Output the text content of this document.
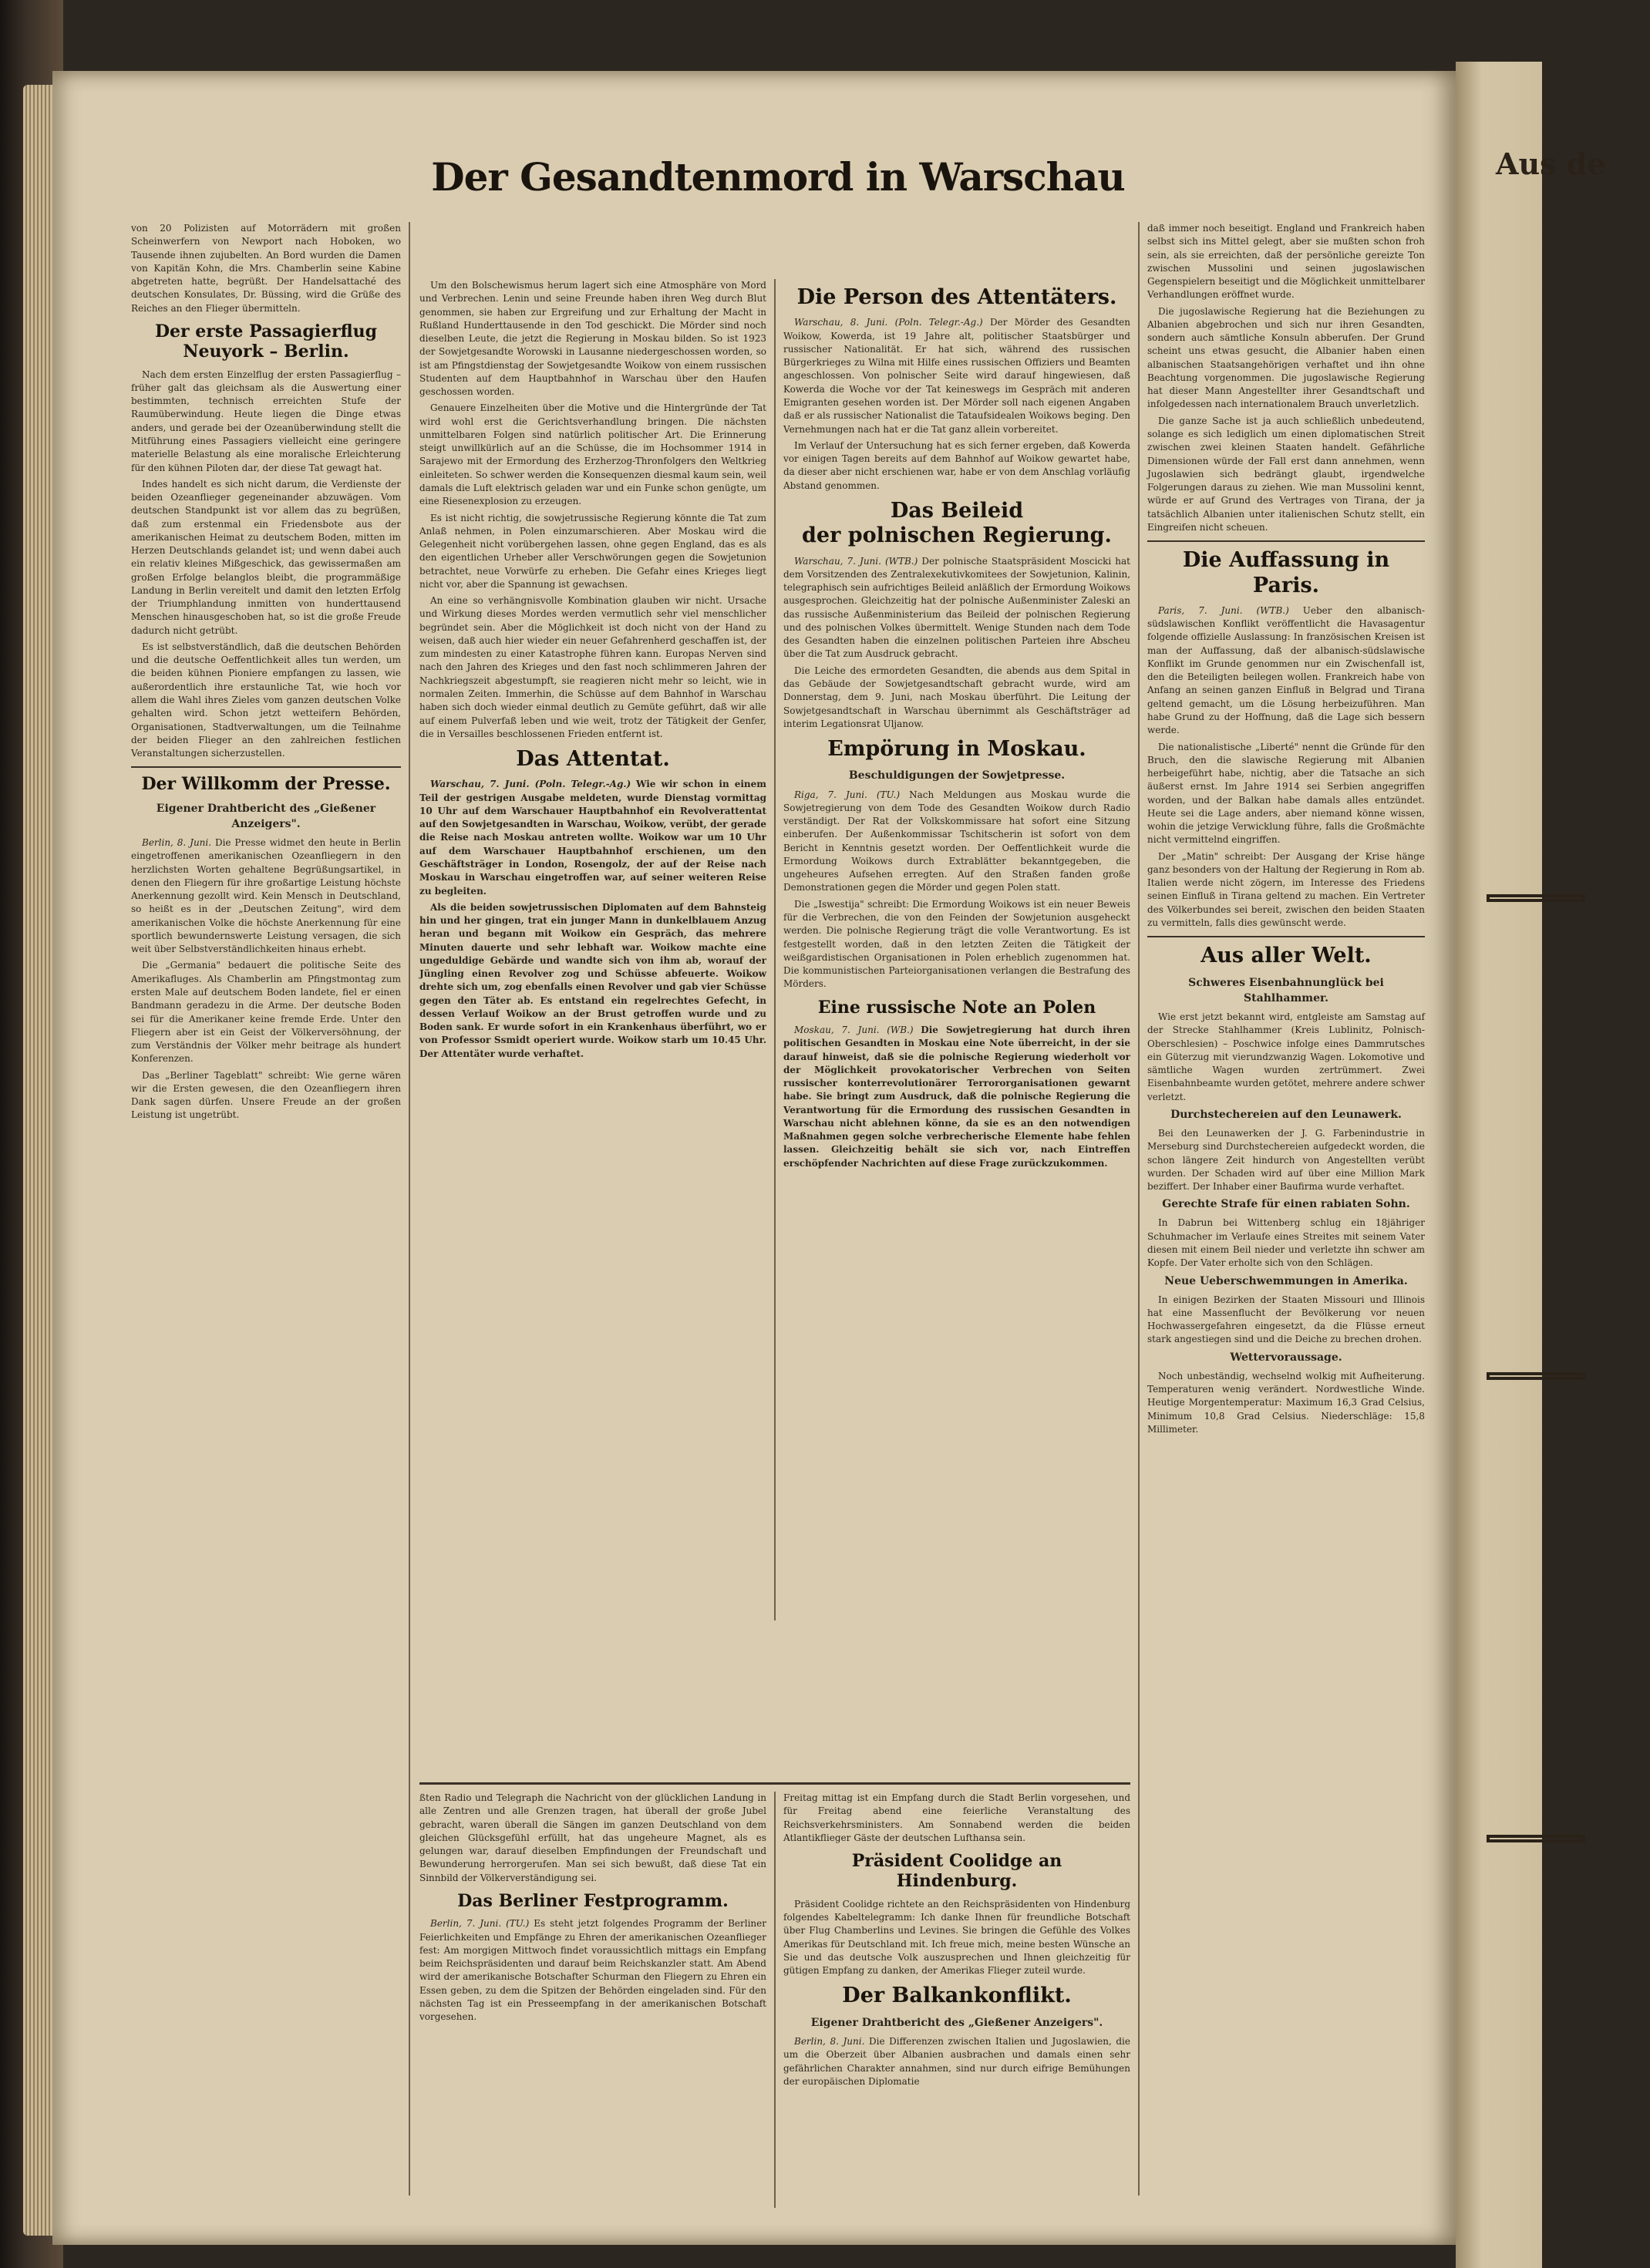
Aus de

von 20 Polizisten auf Motorrädern mit großen Scheinwerfern von Newport nach Hoboken, wo Tausende ihnen zujubelten. An Bord wurden die Damen von Kapitän Kohn, die Mrs. Chamberlin seine Kabine abgetreten hatte, begrüßt. Der Handelsattaché des deutschen Konsulates, Dr. Büssing, wird die Grüße des Reiches an den Flieger übermitteln.

Der erste Passagierflug
Neuyork – Berlin.

Nach dem ersten Einzelflug der ersten Passagierflug – früher galt das gleichsam als die Auswertung einer bestimmten, technisch erreichten Stufe der Raumüberwindung. Heute liegen die Dinge etwas anders, und gerade bei der Ozeanüberwindung stellt die Mitführung eines Passagiers vielleicht eine geringere materielle Belastung als eine moralische Erleichterung für den kühnen Piloten dar, der diese Tat gewagt hat.

Indes handelt es sich nicht darum, die Verdienste der beiden Ozeanflieger gegeneinander abzuwägen. Vom deutschen Standpunkt ist vor allem das zu begrüßen, daß zum erstenmal ein Friedensbote aus der amerikanischen Heimat zu deutschem Boden, mitten im Herzen Deutschlands gelandet ist; und wenn dabei auch ein relativ kleines Mißgeschick, das gewissermaßen am großen Erfolge belanglos bleibt, die programmäßige Landung in Berlin vereitelt und damit den letzten Erfolg der Triumphlandung inmitten von hunderttausend Menschen hinausgeschoben hat, so ist die große Freude dadurch nicht getrübt.

Es ist selbstverständlich, daß die deutschen Behörden und die deutsche Oeffentlichkeit alles tun werden, um die beiden kühnen Pioniere empfangen zu lassen, wie außerordentlich ihre erstaunliche Tat, wie hoch vor allem die Wahl ihres Zieles vom ganzen deutschen Volke gehalten wird. Schon jetzt wetteifern Behörden, Organisationen, Stadtverwaltungen, um die Teilnahme der beiden Flieger an den zahlreichen festlichen Veranstaltungen sicherzustellen.

Der Willkomm der Presse.
Eigener Drahtbericht des „Gießener Anzeigers".

Berlin, 8. Juni. Die Presse widmet den heute in Berlin eingetroffenen amerikanischen Ozeanfliegern in den herzlichsten Worten gehaltene Begrüßungsartikel, in denen den Fliegern für ihre großartige Leistung höchste Anerkennung gezollt wird. Kein Mensch in Deutschland, so heißt es in der „Deutschen Zeitung", wird dem amerikanischen Volke die höchste Anerkennung für eine sportlich bewundernswerte Leistung versagen, die sich weit über Selbstverständlichkeiten hinaus erhebt.

Die „Germania" bedauert die politische Seite des Amerikafluges. Als Chamberlin am Pfingstmontag zum ersten Male auf deutschem Boden landete, fiel er einen Bandmann geradezu in die Arme. Der deutsche Boden sei für die Amerikaner keine fremde Erde. Unter den Fliegern aber ist ein Geist der Völkerversöhnung, der zum Verständnis der Völker mehr beitrage als hundert Konferenzen.

Das „Berliner Tageblatt" schreibt: Wie gerne wären wir die Ersten gewesen, die den Ozeanfliegern ihren Dank sagen dürfen. Unsere Freude an der großen Leistung ist ungetrübt.

Der Gesandtenmord in Warschau

Um den Bolschewismus herum lagert sich eine Atmosphäre von Mord und Verbrechen. Lenin und seine Freunde haben ihren Weg durch Blut genommen, sie haben zur Ergreifung und zur Erhaltung der Macht in Rußland Hunderttausende in den Tod geschickt. Die Mörder sind noch dieselben Leute, die jetzt die Regierung in Moskau bilden. So ist 1923 der Sowjetgesandte Worowski in Lausanne niedergeschossen worden, so ist am Pfingstdienstag der Sowjetgesandte Woikow von einem russischen Studenten auf dem Hauptbahnhof in Warschau über den Haufen geschossen worden.

Genauere Einzelheiten über die Motive und die Hintergründe der Tat wird wohl erst die Gerichtsverhandlung bringen. Die nächsten unmittelbaren Folgen sind natürlich politischer Art. Die Erinnerung steigt unwillkürlich auf an die Schüsse, die im Hochsommer 1914 in Sarajewo mit der Ermordung des Erzherzog-Thronfolgers den Weltkrieg einleiteten. So schwer werden die Konsequenzen diesmal kaum sein, weil damals die Luft elektrisch geladen war und ein Funke schon genügte, um eine Riesenexplosion zu erzeugen.

Es ist nicht richtig, die sowjetrussische Regierung könnte die Tat zum Anlaß nehmen, in Polen einzumarschieren. Aber Moskau wird die Gelegenheit nicht vorübergehen lassen, ohne gegen England, das es als den eigentlichen Urheber aller Verschwörungen gegen die Sowjetunion betrachtet, neue Vorwürfe zu erheben. Die Gefahr eines Krieges liegt nicht vor, aber die Spannung ist gewachsen.

An eine so verhängnisvolle Kombination glauben wir nicht. Ursache und Wirkung dieses Mordes werden vermutlich sehr viel menschlicher begründet sein. Aber die Möglichkeit ist doch nicht von der Hand zu weisen, daß auch hier wieder ein neuer Gefahrenherd geschaffen ist, der zum mindesten zu einer Katastrophe führen kann. Europas Nerven sind nach den Jahren des Krieges und den fast noch schlimmeren Jahren der Nachkriegszeit abgestumpft, sie reagieren nicht mehr so leicht, wie in normalen Zeiten. Immerhin, die Schüsse auf dem Bahnhof in Warschau haben sich doch wieder einmal deutlich zu Gemüte geführt, daß wir alle auf einem Pulverfaß leben und wie weit, trotz der Tätigkeit der Genfer, die in Versailles beschlossenen Frieden entfernt ist.

Das Attentat.

Warschau, 7. Juni. (Poln. Telegr.-Ag.) Wie wir schon in einem Teil der gestrigen Ausgabe meldeten, wurde Dienstag vormittag 10 Uhr auf dem Warschauer Hauptbahnhof ein Revolverattentat auf den Sowjetgesandten in Warschau, Woikow, verübt, der gerade die Reise nach Moskau antreten wollte. Woikow war um 10 Uhr auf dem Warschauer Hauptbahnhof erschienen, um den Geschäftsträger in London, Rosengolz, der auf der Reise nach Moskau in Warschau eingetroffen war, auf seiner weiteren Reise zu begleiten.

Als die beiden sowjetrussischen Diplomaten auf dem Bahnsteig hin und her gingen, trat ein junger Mann in dunkelblauem Anzug heran und begann mit Woikow ein Gespräch, das mehrere Minuten dauerte und sehr lebhaft war. Woikow machte eine ungeduldige Gebärde und wandte sich von ihm ab, worauf der Jüngling einen Revolver zog und Schüsse abfeuerte. Woikow drehte sich um, zog ebenfalls einen Revolver und gab vier Schüsse gegen den Täter ab. Es entstand ein regelrechtes Gefecht, in dessen Verlauf Woikow an der Brust getroffen wurde und zu Boden sank. Er wurde sofort in ein Krankenhaus überführt, wo er von Professor Ssmidt operiert wurde. Woikow starb um 10.45 Uhr. Der Attentäter wurde verhaftet.

Die Person des Attentäters.

Warschau, 8. Juni. (Poln. Telegr.-Ag.) Der Mörder des Gesandten Woikow, Kowerda, ist 19 Jahre alt, politischer Staatsbürger und russischer Nationalität. Er hat sich, während des russischen Bürgerkrieges zu Wilna mit Hilfe eines russischen Offiziers und Beamten angeschlossen. Von polnischer Seite wird darauf hingewiesen, daß Kowerda die Woche vor der Tat keineswegs im Gespräch mit anderen Emigranten gesehen worden ist. Der Mörder soll nach eigenen Angaben daß er als russischer Nationalist die Tataufsidealen Woikows beging. Den Vernehmungen nach hat er die Tat ganz allein vorbereitet.

Im Verlauf der Untersuchung hat es sich ferner ergeben, daß Kowerda vor einigen Tagen bereits auf dem Bahnhof auf Woikow gewartet habe, da dieser aber nicht erschienen war, habe er von dem Anschlag vorläufig Abstand genommen.

Das Beileid
der polnischen Regierung.

Warschau, 7. Juni. (WTB.) Der polnische Staatspräsident Moscicki hat dem Vorsitzenden des Zentralexekutivkomitees der Sowjetunion, Kalinin, telegraphisch sein aufrichtiges Beileid anläßlich der Ermordung Woikows ausgesprochen. Gleichzeitig hat der polnische Außenminister Zaleski an das russische Außenministerium das Beileid der polnischen Regierung und des polnischen Volkes übermittelt. Wenige Stunden nach dem Tode des Gesandten haben die einzelnen politischen Parteien ihre Abscheu über die Tat zum Ausdruck gebracht.

Die Leiche des ermordeten Gesandten, die abends aus dem Spital in das Gebäude der Sowjetgesandtschaft gebracht wurde, wird am Donnerstag, dem 9. Juni, nach Moskau überführt. Die Leitung der Sowjetgesandtschaft in Warschau übernimmt als Geschäftsträger ad interim Legationsrat Uljanow.

Empörung in Moskau.
Beschuldigungen der Sowjetpresse.

Riga, 7. Juni. (TU.) Nach Meldungen aus Moskau wurde die Sowjetregierung von dem Tode des Gesandten Woikow durch Radio verständigt. Der Rat der Volkskommissare hat sofort eine Sitzung einberufen. Der Außenkommissar Tschitscherin ist sofort von dem Bericht in Kenntnis gesetzt worden. Der Oeffentlichkeit wurde die Ermordung Woikows durch Extrablätter bekanntgegeben, die ungeheures Aufsehen erregten. Auf den Straßen fanden große Demonstrationen gegen die Mörder und gegen Polen statt.

Die „Iswestija" schreibt: Die Ermordung Woikows ist ein neuer Beweis für die Verbrechen, die von den Feinden der Sowjetunion ausgeheckt werden. Die polnische Regierung trägt die volle Verantwortung. Es ist festgestellt worden, daß in den letzten Zeiten die Tätigkeit der weißgardistischen Organisationen in Polen erheblich zugenommen hat. Die kommunistischen Parteiorganisationen verlangen die Bestrafung des Mörders.

Eine russische Note an Polen

Moskau, 7. Juni. (WB.) Die Sowjetregierung hat durch ihren politischen Gesandten in Moskau eine Note überreicht, in der sie darauf hinweist, daß sie die polnische Regierung wiederholt vor der Möglichkeit provokatorischer Verbrechen von Seiten russischer konterrevolutionärer Terrororganisationen gewarnt habe. Sie bringt zum Ausdruck, daß die polnische Regierung die Verantwortung für die Ermordung des russischen Gesandten in Warschau nicht ablehnen könne, da sie es an den notwendigen Maßnahmen gegen solche verbrecherische Elemente habe fehlen lassen. Gleichzeitig behält sie sich vor, nach Eintreffen erschöpfender Nachrichten auf diese Frage zurückzukommen.

ßten Radio und Telegraph die Nachricht von der glücklichen Landung in alle Zentren und alle Grenzen tragen, hat überall der große Jubel gebracht, waren überall die Sängen im ganzen Deutschland von dem gleichen Glücksgefühl erfüllt, hat das ungeheure Magnet, als es gelungen war, darauf dieselben Empfindungen der Freundschaft und Bewunderung herrorgerufen. Man sei sich bewußt, daß diese Tat ein Sinnbild der Völkerverständigung sei.

Das Berliner Festprogramm.

Berlin, 7. Juni. (TU.) Es steht jetzt folgendes Programm der Berliner Feierlichkeiten und Empfänge zu Ehren der amerikanischen Ozeanflieger fest: Am morgigen Mittwoch findet voraussichtlich mittags ein Empfang beim Reichspräsidenten und darauf beim Reichskanzler statt. Am Abend wird der amerikanische Botschafter Schurman den Fliegern zu Ehren ein Essen geben, zu dem die Spitzen der Behörden eingeladen sind. Für den nächsten Tag ist ein Presseempfang in der amerikanischen Botschaft vorgesehen.

Freitag mittag ist ein Empfang durch die Stadt Berlin vorgesehen, und für Freitag abend eine feierliche Veranstaltung des Reichsverkehrsministers. Am Sonnabend werden die beiden Atlantikflieger Gäste der deutschen Lufthansa sein.

Präsident Coolidge an
Hindenburg.

Präsident Coolidge richtete an den Reichspräsidenten von Hindenburg folgendes Kabeltelegramm: Ich danke Ihnen für freundliche Botschaft über Flug Chamberlins und Levines. Sie bringen die Gefühle des Volkes Amerikas für Deutschland mit. Ich freue mich, meine besten Wünsche an Sie und das deutsche Volk auszusprechen und Ihnen gleichzeitig für gütigen Empfang zu danken, der Amerikas Flieger zuteil wurde.

Der Balkankonflikt.
Eigener Drahtbericht des „Gießener Anzeigers".

Berlin, 8. Juni. Die Differenzen zwischen Italien und Jugoslawien, die um die Oberzeit über Albanien ausbrachen und damals einen sehr gefährlichen Charakter annahmen, sind nur durch eifrige Bemühungen der europäischen Diplomatie

daß immer noch beseitigt. England und Frankreich haben selbst sich ins Mittel gelegt, aber sie mußten schon froh sein, als sie erreichten, daß der persönliche gereizte Ton zwischen Mussolini und seinen jugoslawischen Gegenspielern beseitigt und die Möglichkeit unmittelbarer Verhandlungen eröffnet wurde.

Die jugoslawische Regierung hat die Beziehungen zu Albanien abgebrochen und sich nur ihren Gesandten, sondern auch sämtliche Konsuln abberufen. Der Grund scheint uns etwas gesucht, die Albanier haben einen albanischen Staatsangehörigen verhaftet und ihn ohne Beachtung vorgenommen. Die jugoslawische Regierung hat dieser Mann Angestellter ihrer Gesandtschaft und infolgedessen nach internationalem Brauch unverletzlich.

Die ganze Sache ist ja auch schließlich unbedeutend, solange es sich lediglich um einen diplomatischen Streit zwischen zwei kleinen Staaten handelt. Gefährliche Dimensionen würde der Fall erst dann annehmen, wenn Jugoslawien sich bedrängt glaubt, irgendwelche Folgerungen daraus zu ziehen. Wie man Mussolini kennt, würde er auf Grund des Vertrages von Tirana, der ja tatsächlich Albanien unter italienischen Schutz stellt, ein Eingreifen nicht scheuen.

Die Auffassung in Paris.

Paris, 7. Juni. (WTB.) Ueber den albanisch-südslawischen Konflikt veröffentlicht die Havasagentur folgende offizielle Auslassung: In französischen Kreisen ist man der Auffassung, daß der albanisch-südslawische Konflikt im Grunde genommen nur ein Zwischenfall ist, den die Beteiligten beilegen wollen. Frankreich habe von Anfang an seinen ganzen Einfluß in Belgrad und Tirana geltend gemacht, um die Lösung herbeizuführen. Man habe Grund zu der Hoffnung, daß die Lage sich bessern werde.

Die nationalistische „Liberté" nennt die Gründe für den Bruch, den die slawische Regierung mit Albanien herbeigeführt habe, nichtig, aber die Tatsache an sich äußerst ernst. Im Jahre 1914 sei Serbien angegriffen worden, und der Balkan habe damals alles entzündet. Heute sei die Lage anders, aber niemand könne wissen, wohin die jetzige Verwicklung führe, falls die Großmächte nicht vermittelnd eingriffen.

Der „Matin" schreibt: Der Ausgang der Krise hänge ganz besonders von der Haltung der Regierung in Rom ab. Italien werde nicht zögern, im Interesse des Friedens seinen Einfluß in Tirana geltend zu machen. Ein Vertreter des Völkerbundes sei bereit, zwischen den beiden Staaten zu vermitteln, falls dies gewünscht werde.

Aus aller Welt.
Schweres Eisenbahnunglück bei Stahlhammer.

Wie erst jetzt bekannt wird, entgleiste am Samstag auf der Strecke Stahlhammer (Kreis Lublinitz, Polnisch-Oberschlesien) – Poschwice infolge eines Dammrutsches ein Güterzug mit vierundzwanzig Wagen. Lokomotive und sämtliche Wagen wurden zertrümmert. Zwei Eisenbahnbeamte wurden getötet, mehrere andere schwer verletzt.

Durchstechereien auf den Leunawerk.

Bei den Leunawerken der J. G. Farbenindustrie in Merseburg sind Durchstechereien aufgedeckt worden, die schon längere Zeit hindurch von Angestellten verübt wurden. Der Schaden wird auf über eine Million Mark beziffert. Der Inhaber einer Baufirma wurde verhaftet.

Gerechte Strafe für einen rabiaten Sohn.

In Dabrun bei Wittenberg schlug ein 18jähriger Schuhmacher im Verlaufe eines Streites mit seinem Vater diesen mit einem Beil nieder und verletzte ihn schwer am Kopfe. Der Vater erholte sich von den Schlägen.

Neue Ueberschwemmungen in Amerika.

In einigen Bezirken der Staaten Missouri und Illinois hat eine Massenflucht der Bevölkerung vor neuen Hochwassergefahren eingesetzt, da die Flüsse erneut stark angestiegen sind und die Deiche zu brechen drohen.

Wettervoraussage.

Noch unbeständig, wechselnd wolkig mit Aufheiterung. Temperaturen wenig verändert. Nordwestliche Winde. Heutige Morgentemperatur: Maximum 16,3 Grad Celsius, Minimum 10,8 Grad Celsius. Niederschläge: 15,8 Millimeter.
